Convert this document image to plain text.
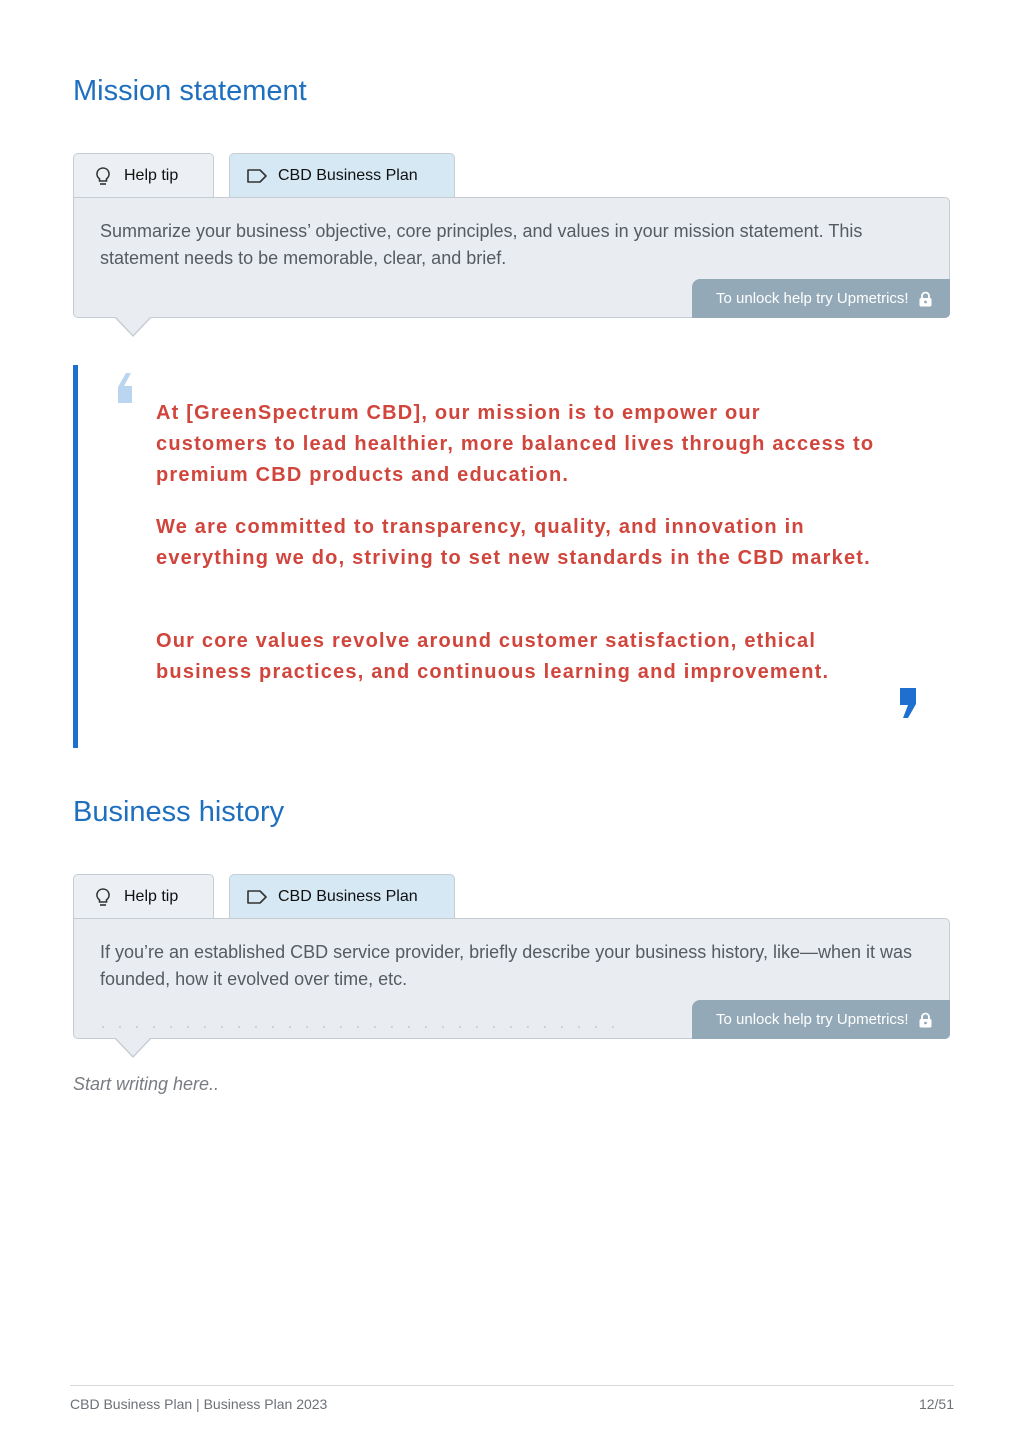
Mission statement
Help tip	CBD Business Plan

Summarize your business’ objective, core principles, and values in your mission statement. This statement needs to be memorable, clear, and brief.

To unlock help try Upmetrics!

At [GreenSpectrum CBD], our mission is to empower our customers to lead healthier, more balanced lives through access to premium CBD products and education.

We are committed to transparency, quality, and innovation in everything we do, striving to set new standards in the CBD market.

Our core values revolve around customer satisfaction, ethical business practices, and continuous learning and improvement.

Business history
Help tip	CBD Business Plan

If you’re an established CBD service provider, briefly describe your business history, like—when it was founded, how it evolved over time, etc.

· · · · · · · · · · · · · · · · · · · · · · · · · · · · · · ·	To unlock help try Upmetrics!

Start writing here..

CBD Business Plan | Business Plan 2023	12/51
